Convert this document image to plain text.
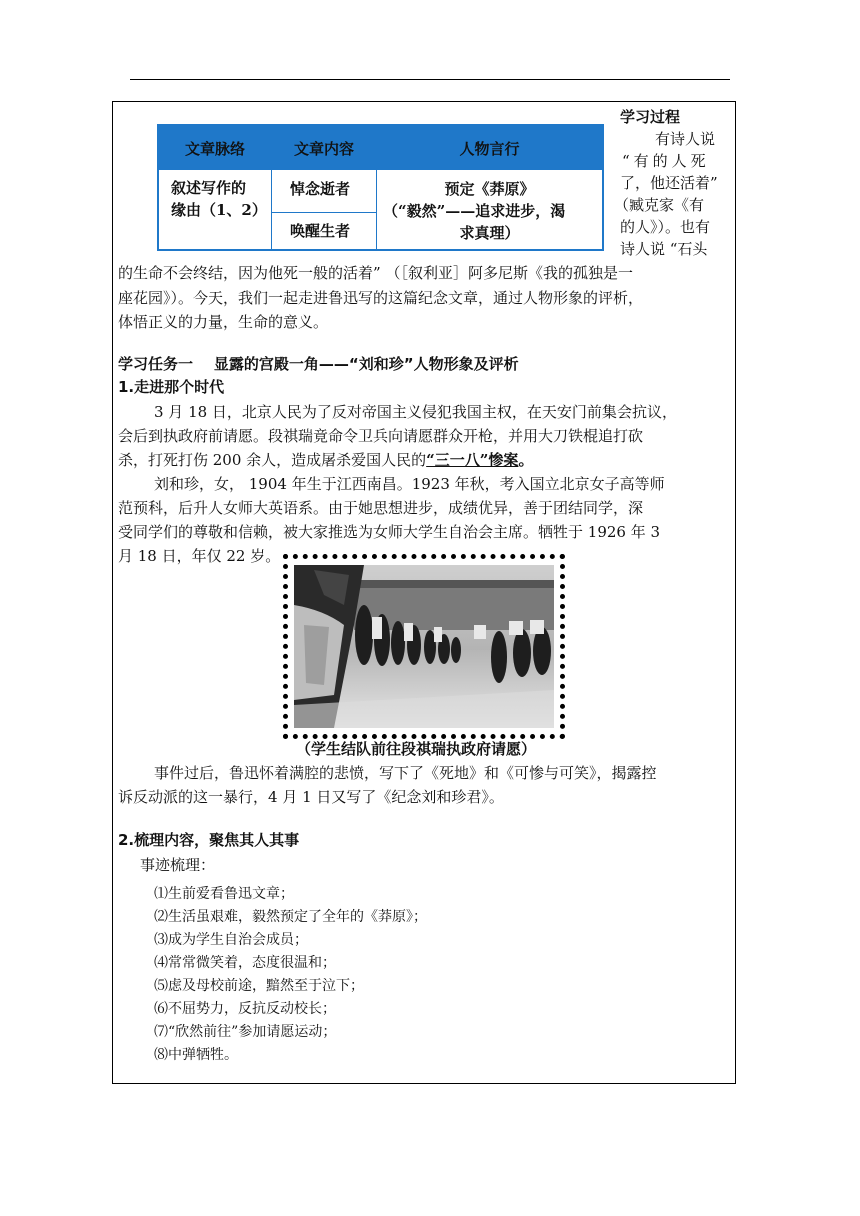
学习过程
有诗人说
“有的人死
了，他还活着”
（臧克家《有
的人》）。也有
诗人说 “石头
文章脉络	文章内容	人物言行
叙述写作的
缘由（1、2）
悼念逝者
唤醒生者
预定《莽原》
（“毅然”——追求进步，渴
求真理）
的生命不会终结，因为他死一般的活着” （［叙利亚］阿多尼斯《我的孤独是一
座花园》）。今天，我们一起走进鲁迅写的这篇纪念文章，通过人物形象的评析，
体悟正义的力量，生命的意义。
学习任务一    显露的宫殿一角——“刘和珍”人物形象及评析
1.走进那个时代
3 月 18 日，北京人民为了反对帝国主义侵犯我国主权，在天安门前集会抗议，
会后到执政府前请愿。段祺瑞竟命令卫兵向请愿群众开枪，并用大刀铁棍追打砍
杀，打死打伤 200 余人，造成屠杀爱国人民的“三一八”惨案。
刘和珍，女， 1904 年生于江西南昌。1923 年秋，考入国立北京女子高等师
范预科，后升人女师大英语系。由于她思想进步，成绩优异，善于团结同学，深
受同学们的尊敬和信赖，被大家推选为女师大学生自治会主席。牺牲于 1926 年 3
月 18 日，年仅 22 岁。
（学生结队前往段祺瑞执政府请愿）
事件过后，鲁迅怀着满腔的悲愤，写下了《死地》和《可惨与可笑》，揭露控
诉反动派的这一暴行，4 月 1 日又写了《纪念刘和珍君》。
2.梳理内容，聚焦其人其事
事迹梳理：
⑴生前爱看鲁迅文章；
⑵生活虽艰难，毅然预定了全年的《莽原》；
⑶成为学生自治会成员；
⑷常常微笑着，态度很温和；
⑸虑及母校前途，黯然至于泣下；
⑹不屈势力，反抗反动校长；
⑺“欣然前往”参加请愿运动；
⑻中弹牺牲。
